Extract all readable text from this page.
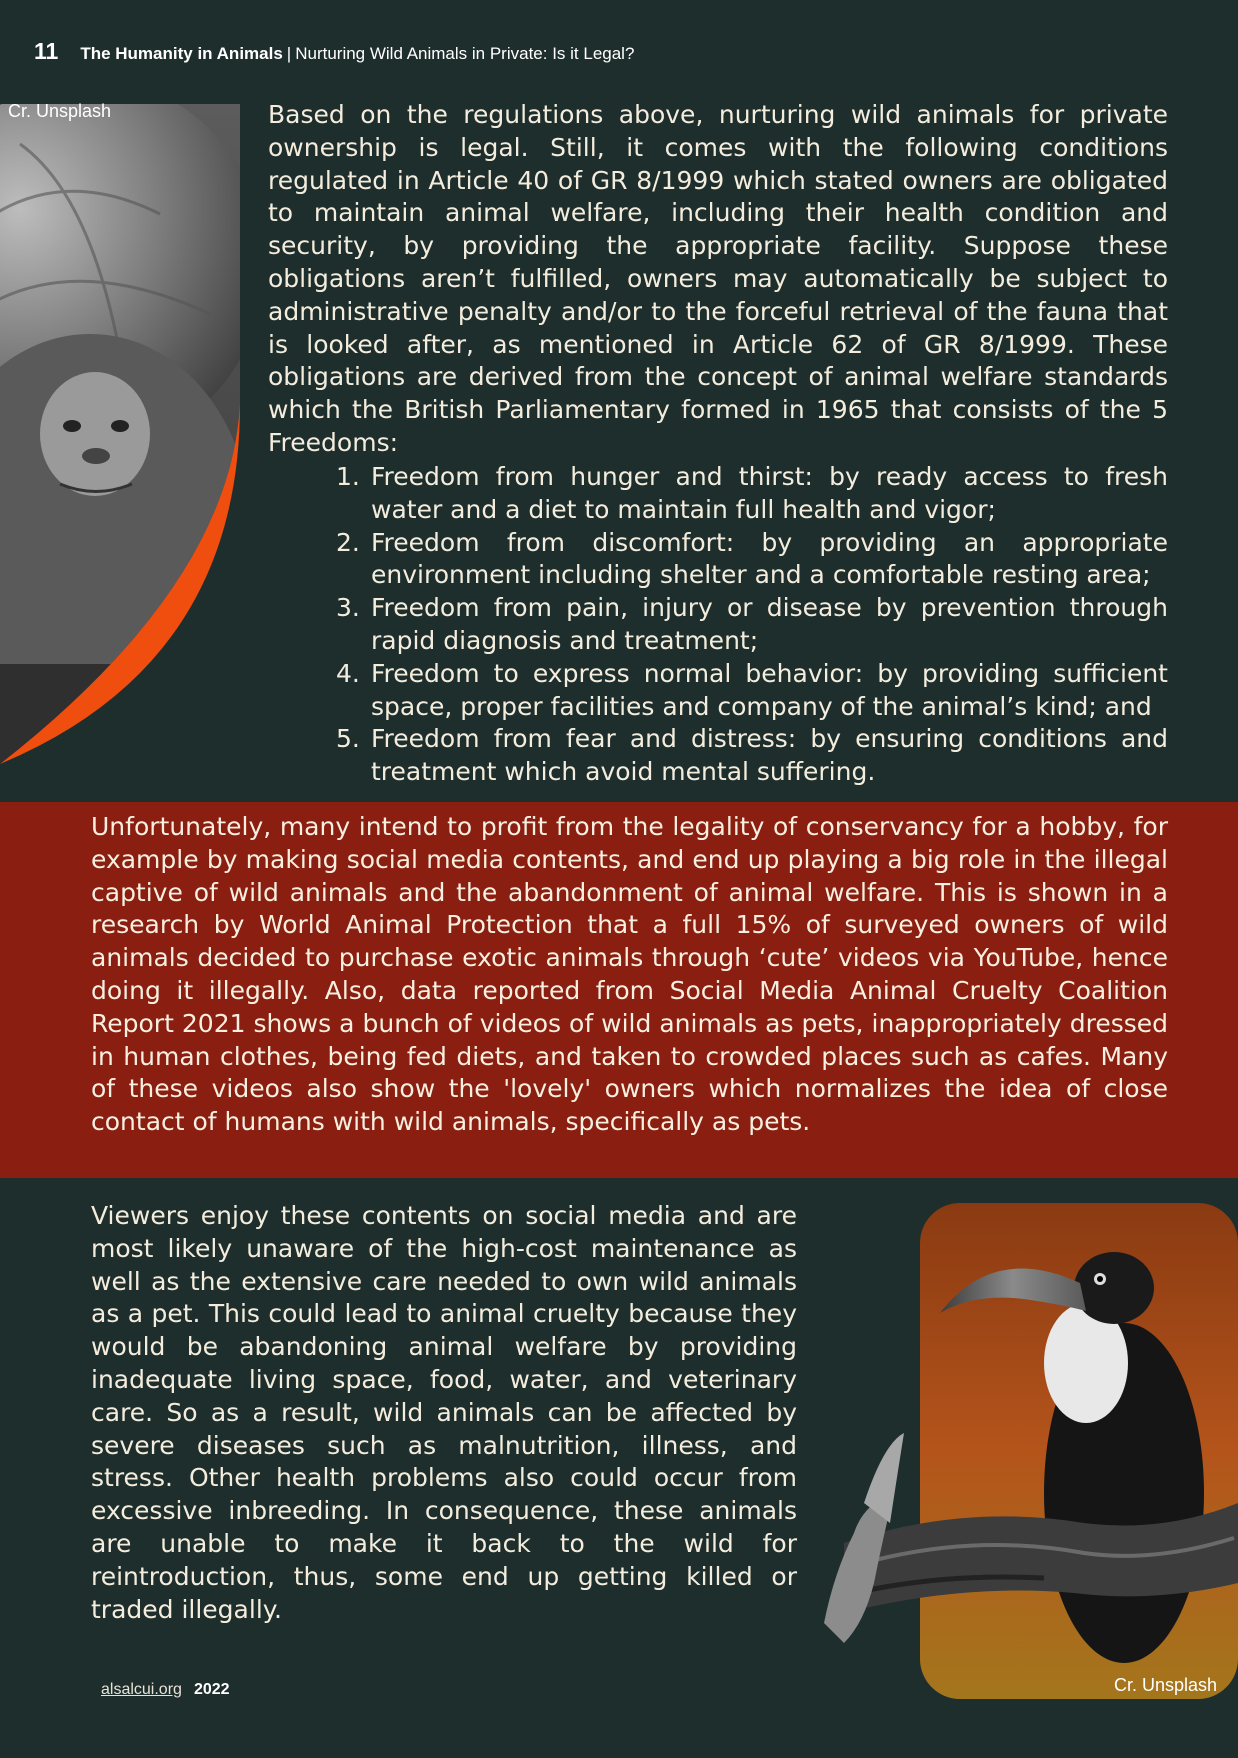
11 The Humanity in Animals | Nurturing Wild Animals in Private: Is it Legal?
Cr. Unsplash	Based on the regulations above, nurturing wild animals for private ownership is legal. Still, it comes with the following conditions regulated in Article 40 of GR 8/1999 which stated owners are obligated to maintain animal welfare, including their health condition and security, by providing the appropriate facility. Suppose these obligations aren’t fulfilled, owners may automatically be subject to administrative penalty and/or to the forceful retrieval of the fauna that is looked after, as mentioned in Article 62 of GR 8/1999. These obligations are derived from the concept of animal welfare standards which the British Parliamentary formed in 1965 that consists of the 5 Freedoms:

1. Freedom from hunger and thirst: by ready access to fresh water and a diet to maintain full health and vigor;
2. Freedom from discomfort: by providing an appropriate environment including shelter and a comfortable resting area;
3. Freedom from pain, injury or disease by prevention through rapid diagnosis and treatment;
4. Freedom to express normal behavior: by providing sufficient space, proper facilities and company of the animal’s kind; and
5. Freedom from fear and distress: by ensuring conditions and treatment which avoid mental suffering.

Unfortunately, many intend to profit from the legality of conservancy for a hobby, for example by making social media contents, and end up playing a big role in the illegal captive of wild animals and the abandonment of animal welfare. This is shown in a research by World Animal Protection that a full 15% of surveyed owners of wild animals decided to purchase exotic animals through ‘cute’ videos via YouTube, hence doing it illegally. Also, data reported from Social Media Animal Cruelty Coalition Report 2021 shows a bunch of videos of wild animals as pets, inappropriately dressed in human clothes, being fed diets, and taken to crowded places such as cafes. Many of these videos also show the 'lovely' owners which normalizes the idea of close contact of humans with wild animals, specifically as pets.

Viewers enjoy these contents on social media and are most likely unaware of the high-cost maintenance as well as the extensive care needed to own wild animals as a pet. This could lead to animal cruelty because they would be abandoning animal welfare by providing inadequate living space, food, water, and veterinary care. So as a result, wild animals can be affected by severe diseases such as malnutrition, illness, and stress. Other health problems also could occur from excessive inbreeding. In consequence, these animals are unable to make it back to the wild for reintroduction, thus, some end up getting killed or traded illegally.

Cr. Unsplash
alsalcui.org 2022
